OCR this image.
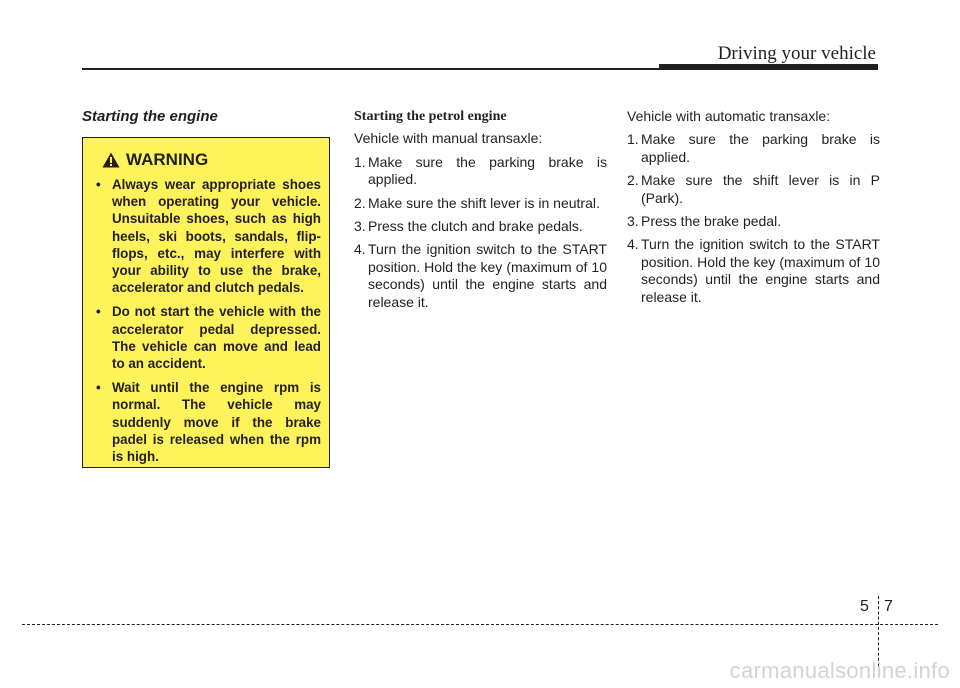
Driving your vehicle
Starting the engine
WARNING
• Always wear appropriate shoes when operating your vehicle. Unsuitable shoes, such as high heels, ski boots, sandals, flip-flops, etc., may interfere with your ability to use the brake, accelerator and clutch pedals.
• Do not start the vehicle with the accelerator pedal depressed. The vehicle can move and lead to an accident.
• Wait until the engine rpm is normal. The vehicle may suddenly move if the brake padel is released when the rpm is high.
Starting the petrol engine

Vehicle with manual transaxle:

1. Make sure the parking brake is applied.
2. Make sure the shift lever is in neutral.
3. Press the clutch and brake pedals.
4. Turn the ignition switch to the START position. Hold the key (maximum of 10 seconds) until the engine starts and release it.

Vehicle with automatic transaxle:

1. Make sure the parking brake is applied.
2. Make sure the shift lever is in P (Park).
3. Press the brake pedal.
4. Turn the ignition switch to the START position. Hold the key (maximum of 10 seconds) until the engine starts and release it.
5 7
carmanualsonline.info
